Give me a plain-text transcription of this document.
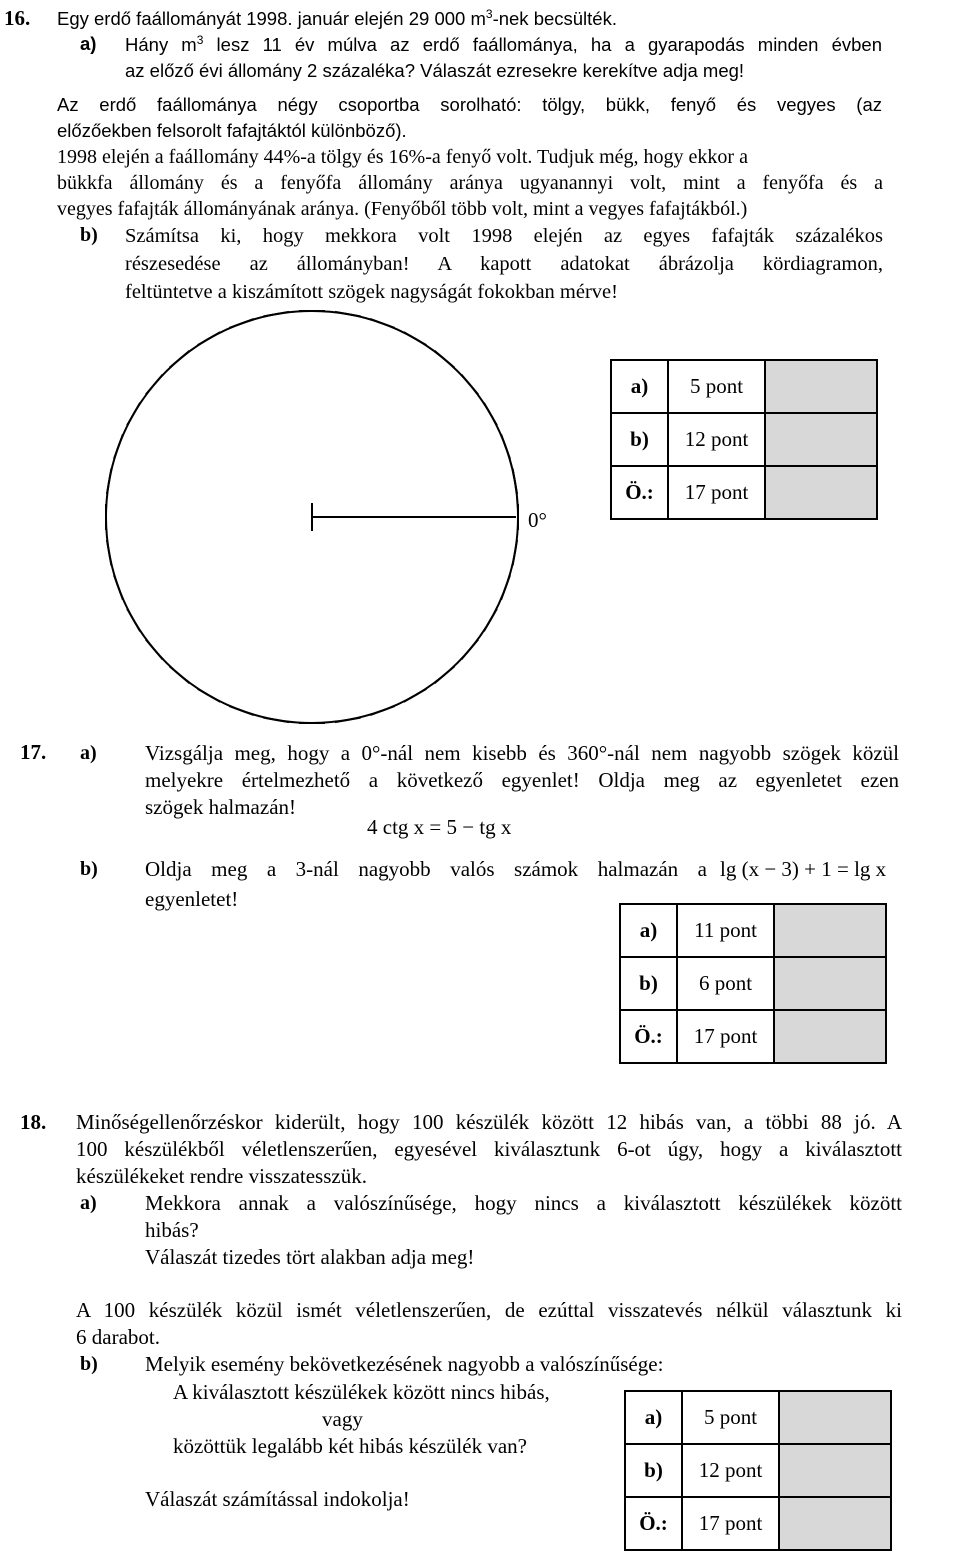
16. Egy erdő faállományát 1998. január elején 29 000 $m^3$-nek becsülték.
a) Hány $m^3$ lesz 11 év múlva az erdő faállománya, ha a gyarapodás minden évben
az előző évi állomány 2 százaléka? Válaszát ezresekre kerekítve adja meg!
Az erdő faállománya négy csoportba sorolható: tölgy, bükk, fenyő és vegyes (az
előzőekben felsorolt fafajtáktól különböző).
1998 elején a faállomány 44%-a tölgy és 16%-a fenyő volt. Tudjuk még, hogy ekkor a
bükkfa állomány és a fenyőfa állomány aránya ugyanannyi volt, mint a fenyőfa és a
vegyes fafajták állományának aránya. (Fenyőből több volt, mint a vegyes fafajtákból.)
b) Számítsa ki, hogy mekkora volt 1998 elején az egyes fafajták százalékos
részesedése az állományban! A kapott adatokat ábrázolja kördiagramon,
feltüntetve a kiszámított szögek nagyságát fokokban mérve!
0°
a)	5 pont	
b)	12 pont	
Ö.:	17 pont	
17. a) Vizsgálja meg, hogy a 0°-nál nem kisebb és 360°-nál nem nagyobb szögek közül
melyekre értelmezhető a következő egyenlet! Oldja meg az egyenletet ezen
szögek halmazán!
4 ctg x = 5 − tg x
b) Oldja meg a 3-nál nagyobb valós számok halmazán a lg (x − 3) + 1 = lg x
egyenletet!
a)	11 pont	
b)	6 pont	
Ö.:	17 pont	
18. Minőségellenőrzéskor kiderült, hogy 100 készülék között 12 hibás van, a többi 88 jó. A
100 készülékből véletlenszerűen, egyesével kiválasztunk 6-ot úgy, hogy a kiválasztott
készülékeket rendre visszatesszük.
a) Mekkora annak a valószínűsége, hogy nincs a kiválasztott készülékek között
hibás?
Válaszát tizedes tört alakban adja meg!
A 100 készülék közül ismét véletlenszerűen, de ezúttal visszatevés nélkül választunk ki
6 darabot.
b) Melyik esemény bekövetkezésének nagyobb a valószínűsége:
A kiválasztott készülékek között nincs hibás,
vagy
közöttük legalább két hibás készülék van?
Válaszát számítással indokolja!
a)	5 pont	
b)	12 pont	
Ö.:	17 pont	
